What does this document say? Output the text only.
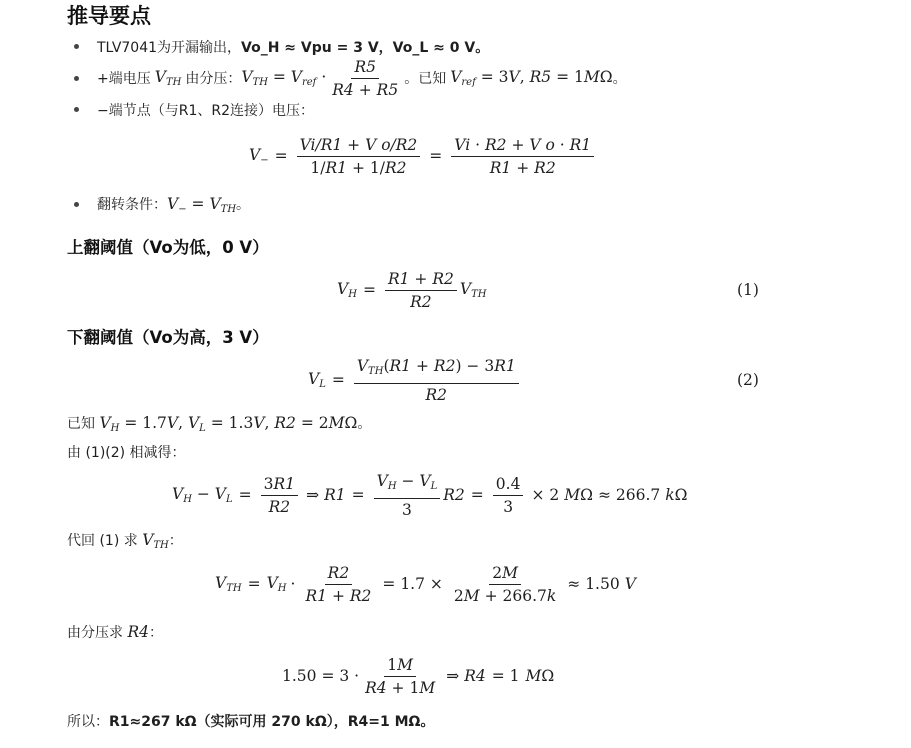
推导要点
TLV7041为开漏输出，Vo_H ≈ Vpu = 3 V，Vo_L ≈ 0 V。
+端电压 $V_{TH}$ 由分压： $V_{TH} = V_{ref} \cdot \frac{R5}{R4 + R5}$ 。已知 $V_{ref} = 3V$, R5 = 1MΩ 。
−端节点（与R1、R2连接）电压：
$V_- = \frac{\text{Vi/R1 + V o/R2}}{1/R1 + 1/R2} = \frac{\text{Vi · R2 + V o · R1}}{R1 + R2}$
翻转条件：$V_- = V_{TH}$。
上翻阈值（Vo为低，0 V）
$V_H = \frac{R1 + R2}{R2} V_{TH}$	(1)
下翻阈值（Vo为高，3 V）
$V_L = \frac{V_{TH}(R1 + R2) - 3R1}{R2}$	(2)
已知 $V_H = 1.7V$, $V_L = 1.3V$, R2 = 2MΩ。
由 (1)(2) 相减得：
$V_H - V_L = \frac{3R1}{R2}$ ⇒ $R1 = \frac{V_H - V_L}{3} R2 = \frac{0.4}{3} \times 2$ MΩ ≈ 266.7 kΩ
代回 (1) 求 $V_{TH}$：
$V_{TH} = V_H \cdot \frac{R2}{R1 + R2} = 1.7 \times \frac{2M}{2M + 266.7k} \approx 1.50$ V
由分压求 R4：
$1.50 = 3 \cdot \frac{1M}{R4 + 1M}$ ⇒ R4 = 1 MΩ
所以：R1≈267 kΩ（实际可用 270 kΩ），R4=1 MΩ。
